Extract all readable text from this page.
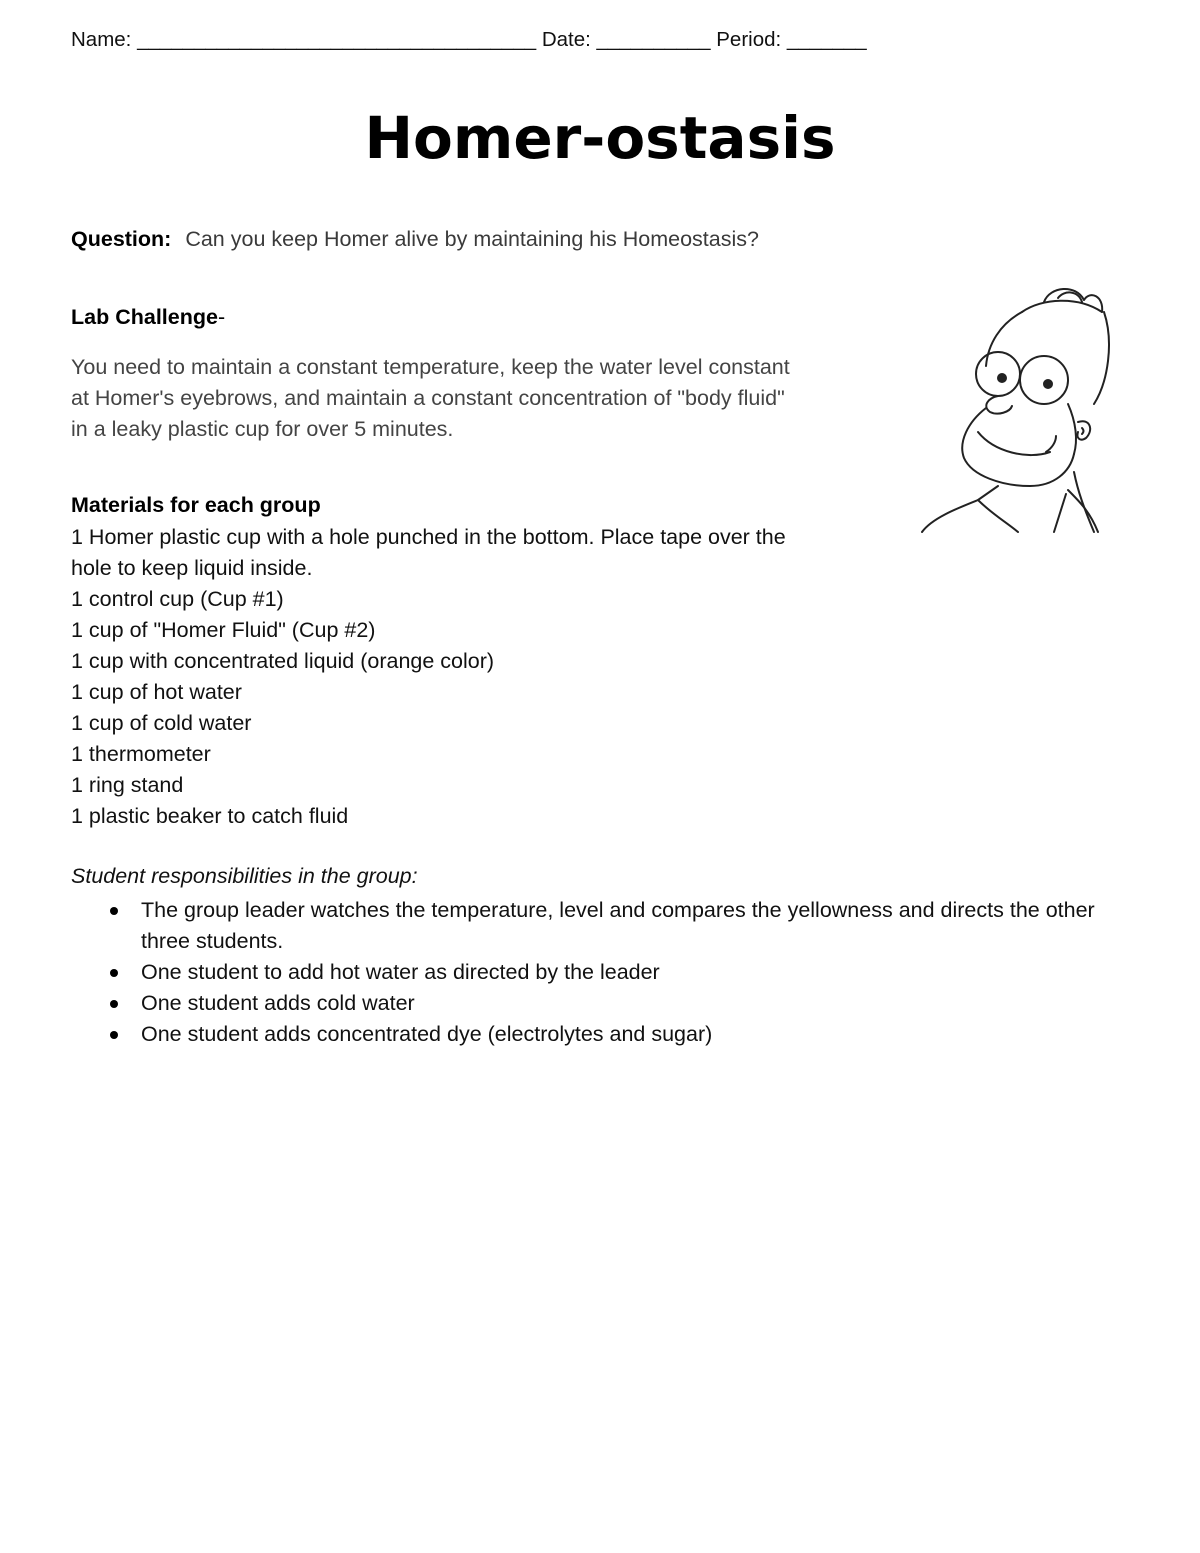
Name: ___________________________________ Date: __________ Period: _______
Homer-ostasis
Question: Can you keep Homer alive by maintaining his Homeostasis?
Lab Challenge-
You need to maintain a constant temperature, keep the water level constant
at Homer's eyebrows, and maintain a constant concentration of "body fluid"
in a leaky plastic cup for over 5 minutes.
Materials for each group
1 Homer plastic cup with a hole punched in the bottom. Place tape over the
hole to keep liquid inside.
1 control cup (Cup #1)
1 cup of "Homer Fluid" (Cup #2)
1 cup with concentrated liquid (orange color)
1 cup of hot water
1 cup of cold water
1 thermometer
1 ring stand
1 plastic beaker to catch fluid
Student responsibilities in the group:
The group leader watches the temperature, level and compares the yellowness and directs the other three students.
One student to add hot water as directed by the leader
One student adds cold water
One student adds concentrated dye (electrolytes and sugar)
